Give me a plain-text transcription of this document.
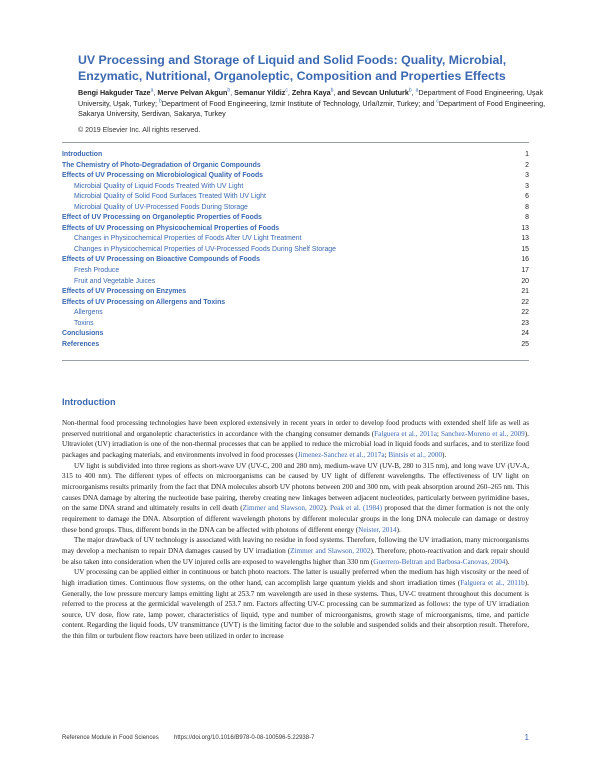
UV Processing and Storage of Liquid and Solid Foods: Quality, Microbial, Enzymatic, Nutritional, Organoleptic, Composition and Properties Effects
Bengi Hakguder Taze$^a$, Merve Pelvan Akgun$^b$, Semanur Yildiz$^c$, Zehra Kaya$^b$, and Sevcan Unluturk$^b$, $^a$Department of Food Engineering, Uşak University, Uşak, Turkey; $^b$Department of Food Engineering, Izmir Institute of Technology, Urla/Izmir, Turkey; and $^c$Department of Food Engineering, Sakarya University, Serdivan, Sakarya, Turkey
© 2019 Elsevier Inc. All rights reserved.
Introduction	1
The Chemistry of Photo-Degradation of Organic Compounds	2
Effects of UV Processing on Microbiological Quality of Foods	3
Microbial Quality of Liquid Foods Treated With UV Light	3
Microbial Quality of Solid Food Surfaces Treated With UV Light	6
Microbial Quality of UV-Processed Foods During Storage	8
Effect of UV Processing on Organoleptic Properties of Foods	8
Effects of UV Processing on Physicochemical Properties of Foods	13
Changes in Physicochemical Properties of Foods After UV Light Treatment	13
Changes in Physicochemical Properties of UV-Processed Foods During Shelf Storage	15
Effects of UV Processing on Bioactive Compounds of Foods	16
Fresh Produce	17
Fruit and Vegetable Juices	20
Effects of UV Processing on Enzymes	21
Effects of UV Processing on Allergens and Toxins	22
Allergens	22
Toxins	23
Conclusions	24
References	25
Introduction

Non-thermal food processing technologies have been explored extensively in recent years in order to develop food products with extended shelf life as well as preserved nutritional and organoleptic characteristics in accordance with the changing consumer demands (Falguera et al., 2011a; Sanchez-Moreno et al., 2009). Ultraviolet (UV) irradiation is one of the non-thermal processes that can be applied to reduce the microbial load in liquid foods and surfaces, and to sterilize food packages and packaging materials, and environments involved in food processes (Jimenez-Sanchez et al., 2017a; Bintsis et al., 2000).

UV light is subdivided into three regions as short-wave UV (UV-C, 200 and 280 nm), medium-wave UV (UV-B, 280 to 315 nm), and long wave UV (UV-A, 315 to 400 nm). The different types of effects on microorganisms can be caused by UV light of different wavelengths. The effectiveness of UV light on microorganisms results primarily from the fact that DNA molecules absorb UV photons between 200 and 300 nm, with peak absorption around 260–265 nm. This causes DNA damage by altering the nucleotide base pairing, thereby creating new linkages between adjacent nucleotides, particularly between pyrimidine bases, on the same DNA strand and ultimately results in cell death (Zimmer and Slawson, 2002). Peak et al. (1984) proposed that the dimer formation is not the only requirement to damage the DNA. Absorption of different wavelength photons by different molecular groups in the long DNA molecule can damage or destroy these bond groups. Thus, different bonds in the DNA can be affected with photons of different energy (Neister, 2014).

The major drawback of UV technology is associated with leaving no residue in food systems. Therefore, following the UV irradiation, many microorganisms may develop a mechanism to repair DNA damages caused by UV irradiation (Zimmer and Slawson, 2002). Therefore, photo-reactivation and dark repair should be also taken into consideration when the UV injured cells are exposed to wavelengths higher than 330 nm (Guerrero-Beltran and Barbosa-Canovas, 2004).

UV processing can be applied either in continuous or batch photo reactors. The latter is usually preferred when the medium has high viscosity or the need of high irradiation times. Continuous flow systems, on the other hand, can accomplish large quantum yields and short irradiation times (Falguera et al., 2011b). Generally, the low pressure mercury lamps emitting light at 253.7 nm wavelength are used in these systems. Thus, UV-C treatment throughout this document is referred to the process at the germicidal wavelength of 253.7 nm. Factors affecting UV-C processing can be summarized as follows: the type of UV irradiation source, UV dose, flow rate, lamp power, characteristics of liquid, type and number of microorganisms, growth stage of microorganisms, time, and particle content. Regarding the liquid foods, UV transmittance (UVT) is the limiting factor due to the soluble and suspended solids and their absorption result. Therefore, the thin film or turbulent flow reactors have been utilized in order to increase

Reference Module in Food Sciences	https://doi.org/10.1016/B978-0-08-100596-5.22938-7	1
